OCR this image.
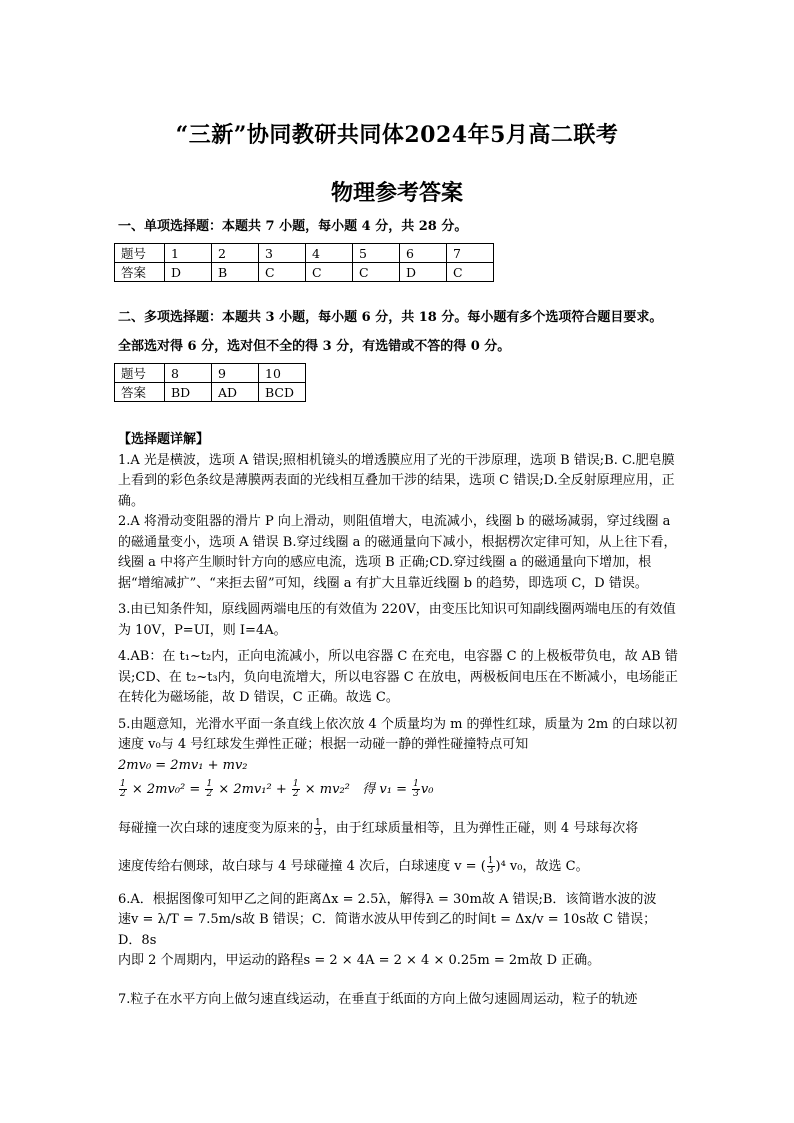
“三新”协同教研共同体2024年5月高二联考
物理参考答案
一、单项选择题：本题共 7 小题，每小题 4 分，共 28 分。
题号	1	2	3	4	5	6	7
答案	D	B	C	C	C	D	C
二、多项选择题：本题共 3 小题，每小题 6 分，共 18 分。每小题有多个选项符合题目要求。
全部选对得 6 分，选对但不全的得 3 分，有选错或不答的得 0 分。
题号	8	9	10
答案	BD	AD	BCD

【选择题详解】

1.A 光是横波，选项 A 错误;照相机镜头的增透膜应用了光的干涉原理，选项 B 错误;B. C.肥皂膜上看到的彩色条纹是薄膜两表面的光线相互叠加干涉的结果，选项 C 错误;D.全反射原理应用，正确。

2.A 将滑动变阻器的滑片 P 向上滑动，则阻值增大，电流减小，线圈 b 的磁场减弱，穿过线圈 a 的磁通量变小，选项 A 错误 B.穿过线圈 a 的磁通量向下减小，根据楞次定律可知，从上往下看，线圈 a 中将产生顺时针方向的感应电流，选项 B 正确;CD.穿过线圈 a 的磁通量向下增加，根据“增缩减扩”、“来拒去留”可知，线圈 a 有扩大且靠近线圈 b 的趋势，即选项 C，D 错误。

3.由已知条件知，原线圆两端电压的有效值为 220V，由变压比知识可知副线圈两端电压的有效值为 10V，P=UI，则 I=4A。

4.AB：在 t₁~t₂内，正向电流减小，所以电容器 C 在充电，电容器 C 的上极板带负电，故 AB 错误;CD、在 t₂~t₃内，负向电流增大，所以电容器 C 在放电，两极板间电压在不断减小，电场能正在转化为磁场能，故 D 错误，C 正确。故选 C。

5.由题意知，光滑水平面一条直线上依次放 4 个质量均为 m 的弹性红球，质量为 2m 的白球以初速度 v₀与 4 号红球发生弹性正碰；根据一动碰一静的弹性碰撞特点可知

2mv₀ = 2mv₁ + mv₂

$\frac{1}{2} \times 2mv_0^2 = \frac{1}{2} \times 2mv_1^2 + \frac{1}{2} \times mv_2^2$ 得 $v_1 = \frac{1}{3} v_0$

每碰撞一次白球的速度变为原来的 $\frac{1}{3}$ ，由于红球质量相等，且为弹性正碰，则 4 号球每次将

速度传给右侧球，故白球与 4 号球碰撞 4 次后，白球速度 v = ( $\frac{1}{3} )^4$ v₀，故选 C。

6.A．根据图像可知甲乙之间的距离Δx = 2.5λ，解得λ = 30m故 A 错误;B．该简谐水波的波

速v = λ/T = 7.5m/s故 B 错误；C．简谐水波从甲传到乙的时间t = Δx/v = 10s故 C 错误；D．8s

内即 2 个周期内，甲运动的路程s = 2 × 4A = 2 × 4 × 0.25m = 2m故 D 正确。

7.粒子在水平方向上做匀速直线运动，在垂直于纸面的方向上做匀速圆周运动，粒子的轨迹
